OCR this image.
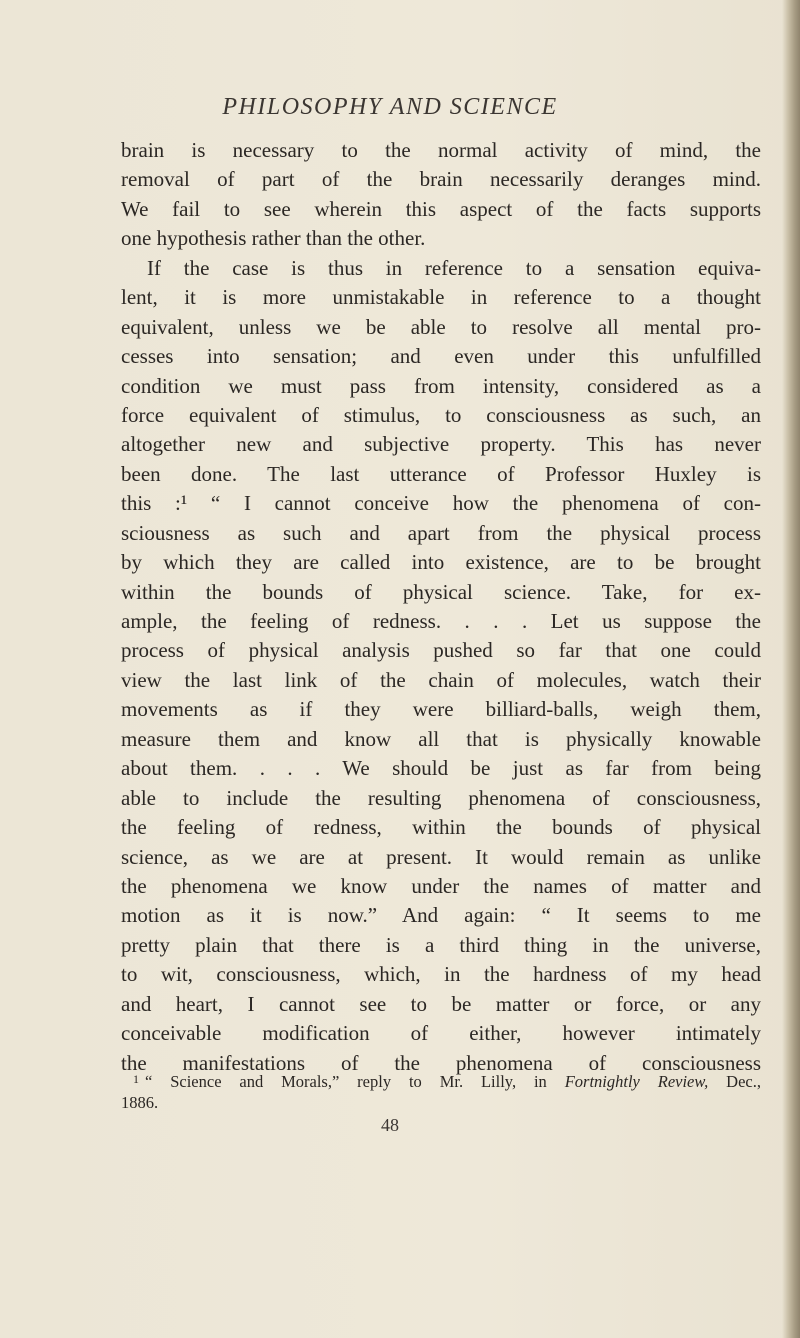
PHILOSOPHY AND SCIENCE
brain is necessary to the normal activity of mind, the
removal of part of the brain necessarily deranges mind.
We fail to see wherein this aspect of the facts supports
one hypothesis rather than the other.
If the case is thus in reference to a sensation equiva-
lent, it is more unmistakable in reference to a thought
equivalent, unless we be able to resolve all mental pro-
cesses into sensation; and even under this unfulfilled
condition we must pass from intensity, considered as a
force equivalent of stimulus, to consciousness as such, an
altogether new and subjective property. This has never
been done. The last utterance of Professor Huxley is
this :¹ “ I cannot conceive how the phenomena of con-
sciousness as such and apart from the physical process
by which they are called into existence, are to be brought
within the bounds of physical science. Take, for ex-
ample, the feeling of redness. . . . Let us suppose the
process of physical analysis pushed so far that one could
view the last link of the chain of molecules, watch their
movements as if they were billiard-balls, weigh them,
measure them and know all that is physically knowable
about them. . . . We should be just as far from being
able to include the resulting phenomena of consciousness,
the feeling of redness, within the bounds of physical
science, as we are at present. It would remain as unlike
the phenomena we know under the names of matter and
motion as it is now.” And again: “ It seems to me
pretty plain that there is a third thing in the universe,
to wit, consciousness, which, in the hardness of my head
and heart, I cannot see to be matter or force, or any
conceivable modification of either, however intimately
the manifestations of the phenomena of consciousness
$^1$ “ Science and Morals,” reply to Mr. Lilly, in Fortnightly Review, Dec.,
1886.
48
